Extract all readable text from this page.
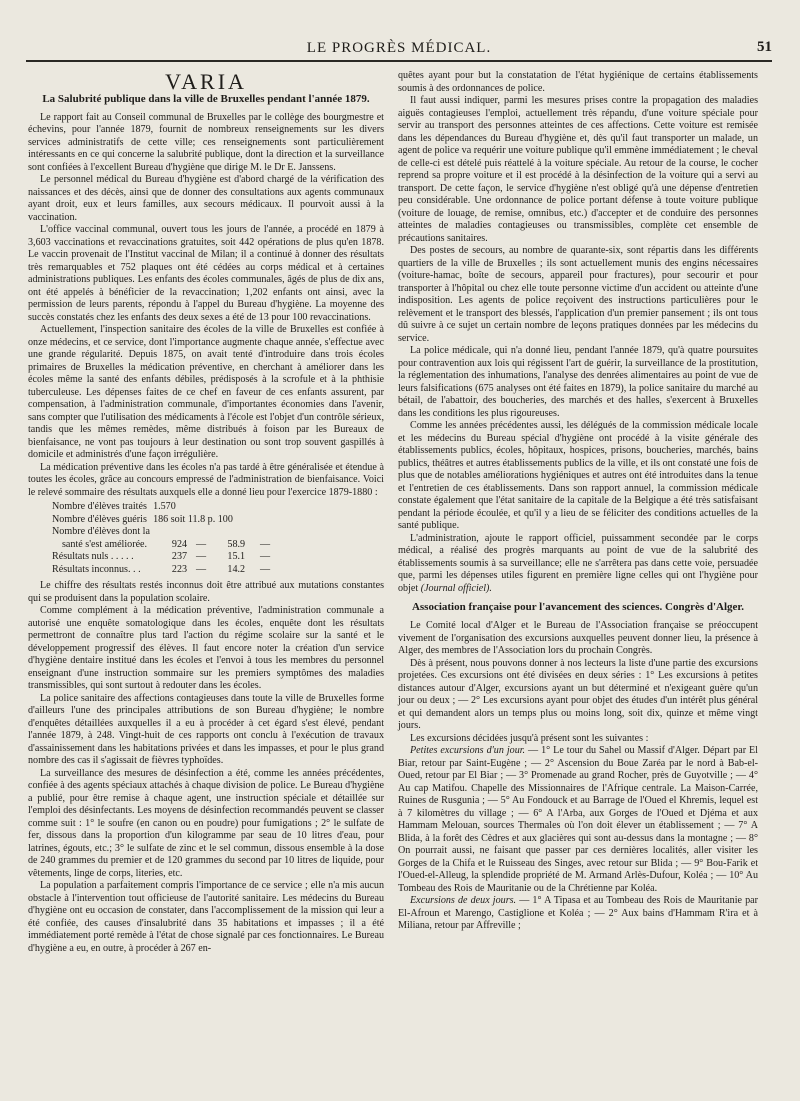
LE PROGRÈS MÉDICAL.	51
VARIA
La Salubrité publique dans la ville de Bruxelles pendant l'année 1879.

Le rapport fait au Conseil communal de Bruxelles par le collège des bourgmestre et échevins, pour l'année 1879, fournit de nombreux renseignements sur les divers services administratifs de cette ville; ces renseignements sont particulièrement intéressants en ce qui concerne la salubrité publique, dont la direction et la surveillance sont confiées à l'excellent Bureau d'hygiène que dirige M. le Dr E. Janssens.

Le personnel médical du Bureau d'hygiène est d'abord chargé de la vérification des naissances et des décès, ainsi que de donner des consultations aux agents communaux ayant droit, eux et leurs familles, aux secours médicaux. Il pourvoit aussi à la vaccination.

L'office vaccinal communal, ouvert tous les jours de l'année, a procédé en 1879 à 3,603 vaccinations et revaccinations gratuites, soit 442 opérations de plus qu'en 1878. Le vaccin provenait de l'Institut vaccinal de Milan; il a continué à donner des résultats très remarquables et 752 plaques ont été cédées au corps médical et à certaines administrations publiques. Les enfants des écoles communales, âgés de plus de dix ans, ont été appelés à bénéficier de la revaccination; 1,202 enfants ont ainsi, avec la permission de leurs parents, répondu à l'appel du Bureau d'hygiène. La moyenne des succès constatés chez les enfants des deux sexes a été de 13 pour 100 revaccinations.

Actuellement, l'inspection sanitaire des écoles de la ville de Bruxelles est confiée à onze médecins, et ce service, dont l'importance augmente chaque année, s'effectue avec une grande régularité. Depuis 1875, on avait tenté d'introduire dans trois écoles primaires de Bruxelles la médication préventive, en cherchant à améliorer dans les écoles même la santé des enfants débiles, prédisposés à la scrofule et à la phthisie tuberculeuse. Les dépenses faites de ce chef en faveur de ces enfants assurent, par compensation, à l'administration communale, d'importantes économies dans l'avenir, sans compter que l'utilisation des médicaments à l'école est l'objet d'un contrôle sérieux, tandis que les mêmes remèdes, même distribués à foison par les Bureaux de bienfaisance, ne vont pas toujours à leur destination ou sont trop souvent gaspillés à domicile et administrés d'une façon irrégulière.

La médication préventive dans les écoles n'a pas tardé à être généralisée et étendue à toutes les écoles, grâce au concours empressé de l'administration de bienfaisance. Voici le relevé sommaire des résultats auxquels elle a donné lieu pour l'exercice 1879-1880 :

Nombre d'élèves traités	1.570			
Nombre d'élèves guéris	186 soit 11.8 p. 100			
Nombre d'élèves dont la				
santé s'est améliorée.	924	—	58.9	—
Résultats nuls . . . . .	237	—	15.1	—
Résultats inconnus. . .	223	—	14.2	—

Le chiffre des résultats restés inconnus doit être attribué aux mutations constantes qui se produisent dans la population scolaire.

Comme complément à la médication préventive, l'administration communale a autorisé une enquête somatologique dans les écoles, enquête dont les résultats permettront de connaître plus tard l'action du régime scolaire sur la santé et le développement progressif des élèves. Il faut encore noter la création d'un service d'hygiène dentaire institué dans les écoles et l'envoi à tous les membres du personnel enseignant d'une instruction sommaire sur les premiers symptômes des maladies transmissibles, qui sont surtout à redouter dans les écoles.

La police sanitaire des affections contagieuses dans toute la ville de Bruxelles forme d'ailleurs l'une des principales attributions de son Bureau d'hygiène; le nombre d'enquêtes détaillées auxquelles il a eu à procéder à cet égard s'est élevé, pendant l'année 1879, à 248. Vingt-huit de ces rapports ont conclu à l'exécution de travaux d'assainissement dans les habitations privées et dans les impasses, et pour le plus grand nombre des cas il s'agissait de fièvres typhoïdes.

La surveillance des mesures de désinfection a été, comme les années précédentes, confiée à des agents spéciaux attachés à chaque division de police. Le Bureau d'hygiène a publié, pour être remise à chaque agent, une instruction spéciale et détaillée sur l'emploi des désinfectants. Les moyens de désinfection recommandés peuvent se classer comme suit : 1° le soufre (en canon ou en poudre) pour fumigations ; 2° le sulfate de fer, dissous dans la proportion d'un kilogramme par seau de 10 litres d'eau, pour latrines, égouts, etc.; 3° le sulfate de zinc et le sel commun, dissous ensemble à la dose de 240 grammes du premier et de 120 grammes du second par 10 litres de liquide, pour vêtements, linge de corps, literies, etc.

La population a parfaitement compris l'importance de ce service ; elle n'a mis aucun obstacle à l'intervention tout officieuse de l'autorité sanitaire. Les médecins du Bureau d'hygiène ont eu occasion de constater, dans l'accomplissement de la mission qui leur a été confiée, des causes d'insalubrité dans 35 habitations et impasses ; il a été immédiatement porté remède à l'état de chose signalé par ces fonctionnaires. Le Bureau d'hygiène a eu, en outre, à procéder à 267 en-

quêtes ayant pour but la constatation de l'état hygiénique de certains établissements soumis à des ordonnances de police.

Il faut aussi indiquer, parmi les mesures prises contre la propagation des maladies aiguës contagieuses l'emploi, actuellement très répandu, d'une voiture spéciale pour servir au transport des personnes atteintes de ces affections. Cette voiture est remisée dans les dépendances du Bureau d'hygiène et, dès qu'il faut transporter un malade, un agent de police va requérir une voiture publique qu'il emmène immédiatement ; le cheval de celle-ci est dételé puis réattelé à la voiture spéciale. Au retour de la course, le cocher reprend sa propre voiture et il est procédé à la désinfection de la voiture qui a servi au transport. De cette façon, le service d'hygiène n'est obligé qu'à une dépense d'entretien peu considérable. Une ordonnance de police portant défense à toute voiture publique (voiture de louage, de remise, omnibus, etc.) d'accepter et de conduire des personnes atteintes de maladies contagieuses ou transmissibles, complète cet ensemble de précautions sanitaires.

Des postes de secours, au nombre de quarante-six, sont répartis dans les différents quartiers de la ville de Bruxelles ; ils sont actuellement munis des engins nécessaires (voiture-hamac, boîte de secours, appareil pour fractures), pour secourir et pour transporter à l'hôpital ou chez elle toute personne victime d'un accident ou atteinte d'une indisposition. Les agents de police reçoivent des instructions particulières pour le relèvement et le transport des blessés, l'application d'un premier pansement ; ils ont tous dû suivre à ce sujet un certain nombre de leçons pratiques données par les médecins du service.

La police médicale, qui n'a donné lieu, pendant l'année 1879, qu'à quatre poursuites pour contravention aux lois qui régissent l'art de guérir, la surveillance de la prostitution, la réglementation des inhumations, l'analyse des denrées alimentaires au point de vue de leurs falsifications (675 analyses ont été faites en 1879), la police sanitaire du marché au bétail, de l'abattoir, des boucheries, des marchés et des halles, s'exercent à Bruxelles dans les conditions les plus rigoureuses.

Comme les années précédentes aussi, les délégués de la commission médicale locale et les médecins du Bureau spécial d'hygiène ont procédé à la visite générale des établissements publics, écoles, hôpitaux, hospices, prisons, boucheries, marchés, bains publics, théâtres et autres établissements publics de la ville, et ils ont constaté une fois de plus que de notables améliorations hygiéniques et autres ont été introduites dans la tenue et l'entretien de ces établissements. Dans son rapport annuel, la commission médicale constate également que l'état sanitaire de la capitale de la Belgique a été très satisfaisant pendant la période écoulée, et qu'il y a lieu de se féliciter des conditions actuelles de la santé publique.

L'administration, ajoute le rapport officiel, puissamment secondée par le corps médical, a réalisé des progrès marquants au point de vue de la salubrité des établissements soumis à sa surveillance; elle ne s'arrêtera pas dans cette voie, persuadée que, parmi les dépenses utiles figurent en première ligne celles qui ont l'hygiène pour objet (Journal officiel).

Association française pour l'avancement des sciences. Congrès d'Alger.

Le Comité local d'Alger et le Bureau de l'Association française se préoccupent vivement de l'organisation des excursions auxquelles peuvent donner lieu, la présence à Alger, des membres de l'Association lors du prochain Congrès.

Dès à présent, nous pouvons donner à nos lecteurs la liste d'une partie des excursions projetées. Ces excursions ont été divisées en deux séries : 1° Les excursions à petites distances autour d'Alger, excursions ayant un but déterminé et n'exigeant guère qu'un jour ou deux ; — 2° Les excursions ayant pour objet des études d'un intérêt plus général et qui demandent alors un temps plus ou moins long, soit dix, quinze et même vingt jours.

Les excursions décidées jusqu'à présent sont les suivantes :

Petites excursions d'un jour. — 1° Le tour du Sahel ou Massif d'Alger. Départ par El Biar, retour par Saint-Eugène ; — 2° Ascension du Boue Zaréa par le nord à Bab-el-Oued, retour par El Biar ; — 3° Promenade au grand Rocher, près de Guyotville ; — 4° Au cap Matifou. Chapelle des Missionnaires de l'Afrique centrale. La Maison-Carrée, Ruines de Rusgunia ; — 5° Au Fondouck et au Barrage de l'Oued el Khremis, lequel est à 7 kilomètres du village ; — 6° A l'Arba, aux Gorges de l'Oued et Djéma et aux Hammam Melouan, sources Thermales où l'on doit élever un établissement ; — 7° A Blida, à la forêt des Cèdres et aux glacières qui sont au-dessus dans la montagne ; — 8° On pourrait aussi, ne faisant que passer par ces dernières localités, aller visiter les Gorges de la Chifa et le Ruisseau des Singes, avec retour sur Blida ; — 9° Bou-Farik et l'Oued-el-Alleug, la splendide propriété de M. Armand Arlès-Dufour, Koléa ; — 10° Au Tombeau des Rois de Mauritanie ou de la Chrétienne par Koléa.

Excursions de deux jours. — 1° A Tipasa et au Tombeau des Rois de Mauritanie par El-Afroun et Marengo, Castiglione et Koléa ; — 2° Aux bains d'Hammam R'ira et à Miliana, retour par Affreville ;
